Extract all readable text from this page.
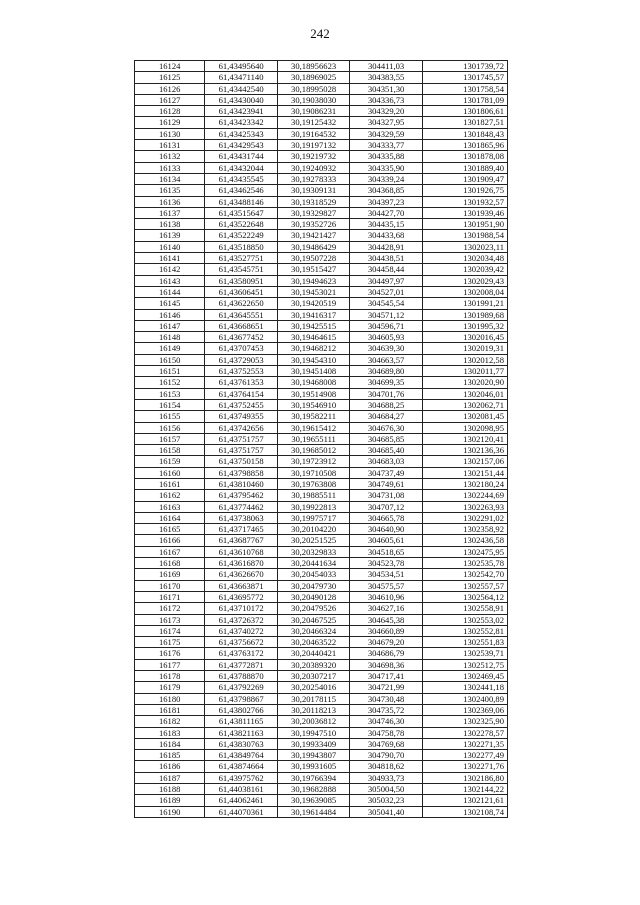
242
16124	61,43495640	30,18956623	304411,03	1301739,72
16125	61,43471140	30,18969025	304383,55	1301745,57
16126	61,43442540	30,18995028	304351,30	1301758,54
16127	61,43430040	30,19038030	304336,73	1301781,09
16128	61,43423941	30,19086231	304329,20	1301806,61
16129	61,43423342	30,19125432	304327,95	1301827,51
16130	61,43425343	30,19164532	304329,59	1301848,43
16131	61,43429543	30,19197132	304333,77	1301865,96
16132	61,43431744	30,19219732	304335,88	1301878,08
16133	61,43432044	30,19240932	304335,90	1301889,40
16134	61,43435545	30,19278333	304339,24	1301909,47
16135	61,43462546	30,19309131	304368,85	1301926,75
16136	61,43488146	30,19318529	304397,23	1301932,57
16137	61,43515647	30,19329827	304427,70	1301939,46
16138	61,43522648	30,19352726	304435,15	1301951,90
16139	61,43522249	30,19421427	304433,68	1301988,54
16140	61,43518850	30,19486429	304428,91	1302023,11
16141	61,43527751	30,19507228	304438,51	1302034,48
16142	61,43545751	30,19515427	304458,44	1302039,42
16143	61,43580951	30,19494623	304497,97	1302029,43
16144	61,43606451	30,19453021	304527,01	1302008,04
16145	61,43622650	30,19420519	304545,54	1301991,21
16146	61,43645551	30,19416317	304571,12	1301989,68
16147	61,43668651	30,19425515	304596,71	1301995,32
16148	61,43677452	30,19464615	304605,93	1302016,45
16149	61,43707453	30,19468212	304639,30	1302019,31
16150	61,43729053	30,19454310	304663,57	1302012,58
16151	61,43752553	30,19451408	304689,80	1302011,77
16152	61,43761353	30,19468008	304699,35	1302020,90
16153	61,43764154	30,19514908	304701,76	1302046,01
16154	61,43752455	30,19546910	304688,25	1302062,71
16155	61,43749355	30,19582211	304684,27	1302081,45
16156	61,43742656	30,19615412	304676,30	1302098,95
16157	61,43751757	30,19655111	304685,85	1302120,41
16158	61,43751757	30,19685012	304685,40	1302136,36
16159	61,43750158	30,19723912	304683,03	1302157,06
16160	61,43798858	30,19710508	304737,49	1302151,44
16161	61,43810460	30,19763808	304749,61	1302180,24
16162	61,43795462	30,19885511	304731,08	1302244,69
16163	61,43774462	30,19922813	304707,12	1302263,93
16164	61,43738063	30,19975717	304665,78	1302291,02
16165	61,43717465	30,20104220	304640,90	1302358,92
16166	61,43687767	30,20251525	304605,61	1302436,58
16167	61,43610768	30,20329833	304518,65	1302475,95
16168	61,43616870	30,20441634	304523,78	1302535,78
16169	61,43626670	30,20454033	304534,51	1302542,70
16170	61,43663871	30,20479730	304575,57	1302557,57
16171	61,43695772	30,20490128	304610,96	1302564,12
16172	61,43710172	30,20479526	304627,16	1302558,91
16173	61,43726372	30,20467525	304645,38	1302553,02
16174	61,43740272	30,20466324	304660,89	1302552,81
16175	61,43756672	30,20463522	304679,20	1302551,83
16176	61,43763172	30,20440421	304686,79	1302539,71
16177	61,43772871	30,20389320	304698,36	1302512,75
16178	61,43788870	30,20307217	304717,41	1302469,45
16179	61,43792269	30,20254016	304721,99	1302441,18
16180	61,43798867	30,20178115	304730,48	1302400,89
16181	61,43802766	30,20118213	304735,72	1302369,06
16182	61,43811165	30,20036812	304746,30	1302325,90
16183	61,43821163	30,19947510	304758,78	1302278,57
16184	61,43830763	30,19933409	304769,68	1302271,35
16185	61,43849764	30,19943807	304790,70	1302277,49
16186	61,43874664	30,19931605	304818,62	1302271,76
16187	61,43975762	30,19766394	304933,73	1302186,80
16188	61,44038161	30,19682888	305004,50	1302144,22
16189	61,44062461	30,19639085	305032,23	1302121,61
16190	61,44070361	30,19614484	305041,40	1302108,74
